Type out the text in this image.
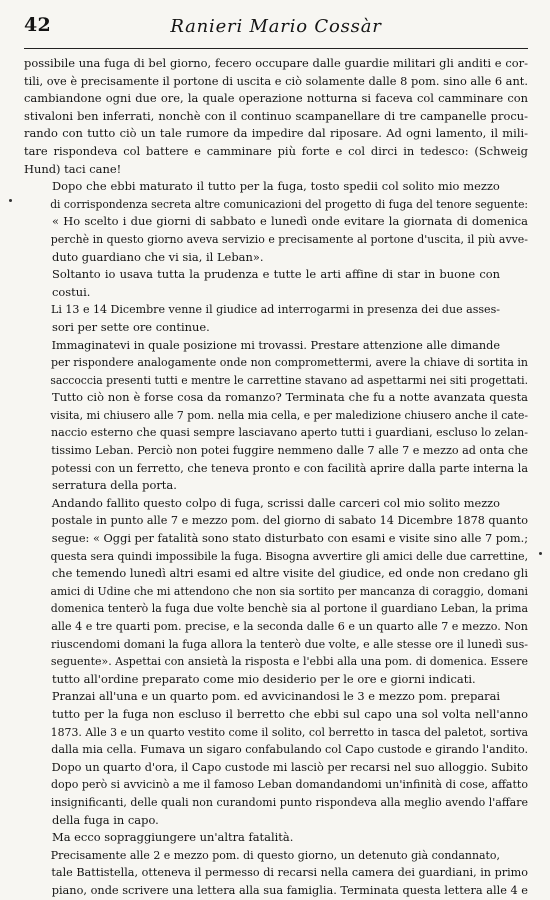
42	Ranieri Mario Cossàr

possibile una fuga di bel giorno, fecero occupare dalle guardie militari gli anditi e cor-
tili, ove è precisamente il portone di uscita e ciò solamente dalle 8 pom. sino alle 6 ant.
cambiandone ogni due ore, la quale operazione notturna si faceva col camminare con
stivaloni ben inferrati, nonchè con il continuo scampanellare di tre campanelle procu-
rando con tutto ciò un tale rumore da impedire dal riposare. Ad ogni lamento, il mili-
tare rispondeva col battere e camminare più forte e col dirci in tedesco: (Schweig
Hund) taci cane!

Dopo che ebbi maturato il tutto per la fuga, tosto spedii col solito mio mezzo
di corrispondenza secreta altre comunicazioni del progetto di fuga del tenore seguente:
« Ho scelto i due giorni di sabbato e lunedì onde evitare la giornata di domenica
perchè in questo giorno aveva servizio e precisamente al portone d'uscita, il più avve-
duto guardiano che vi sia, il Leban».

Soltanto io usava tutta la prudenza e tutte le arti affine di star in buone con
costui.

Li 13 e 14 Dicembre venne il giudice ad interrogarmi in presenza dei due asses-
sori per sette ore continue.

Immaginatevi in quale posizione mi trovassi. Prestare attenzione alle dimande
per rispondere analogamente onde non compromettermi, avere la chiave di sortita in
saccoccia presenti tutti e mentre le carrettine stavano ad aspettarmi nei siti progettati.
Tutto ciò non è forse cosa da romanzo? Terminata che fu a notte avanzata questa
visita, mi chiusero alle 7 pom. nella mia cella, e per maledizione chiusero anche il cate-
naccio esterno che quasi sempre lasciavano aperto tutti i guardiani, escluso lo zelan-
tissimo Leban. Perciò non potei fuggire nemmeno dalle 7 alle 7 e mezzo ad onta che
potessi con un ferretto, che teneva pronto e con facilità aprire dalla parte interna la
serratura della porta.

Andando fallito questo colpo di fuga, scrissi dalle carceri col mio solito mezzo
postale in punto alle 7 e mezzo pom. del giorno di sabato 14 Dicembre 1878 quanto
segue: « Oggi per fatalità sono stato disturbato con esami e visite sino alle 7 pom.;
questa sera quindi impossibile la fuga. Bisogna avvertire gli amici delle due carrettine,
che temendo lunedì altri esami ed altre visite del giudice, ed onde non credano gli
amici di Udine che mi attendono che non sia sortito per mancanza di coraggio, domani
domenica tenterò la fuga due volte benchè sia al portone il guardiano Leban, la prima
alle 4 e tre quarti pom. precise, e la seconda dalle 6 e un quarto alle 7 e mezzo. Non
riuscendomi domani la fuga allora la tenterò due volte, e alle stesse ore il lunedì sus-
seguente». Aspettai con ansietà la risposta e l'ebbi alla una pom. di domenica. Essere
tutto all'ordine preparato come mio desiderio per le ore e giorni indicati.

Pranzai all'una e un quarto pom. ed avvicinandosi le 3 e mezzo pom. preparai
tutto per la fuga non escluso il berretto che ebbi sul capo una sol volta nell'anno
1873. Alle 3 e un quarto vestito come il solito, col berretto in tasca del paletot, sortiva
dalla mia cella. Fumava un sigaro confabulando col Capo custode e girando l'andito.
Dopo un quarto d'ora, il Capo custode mi lasciò per recarsi nel suo alloggio. Subito
dopo però si avvicinò a me il famoso Leban domandandomi un'infinità di cose, affatto
insignificanti, delle quali non curandomi punto rispondeva alla meglio avendo l'affare
della fuga in capo.

Ma ecco sopraggiungere un'altra fatalità.

Precisamente alle 2 e mezzo pom. di questo giorno, un detenuto già condannato,
tale Battistella, otteneva il permesso di recarsi nella camera dei guardiani, in primo
piano, onde scrivere una lettera alla sua famiglia. Terminata questa lettera alle 4 e
